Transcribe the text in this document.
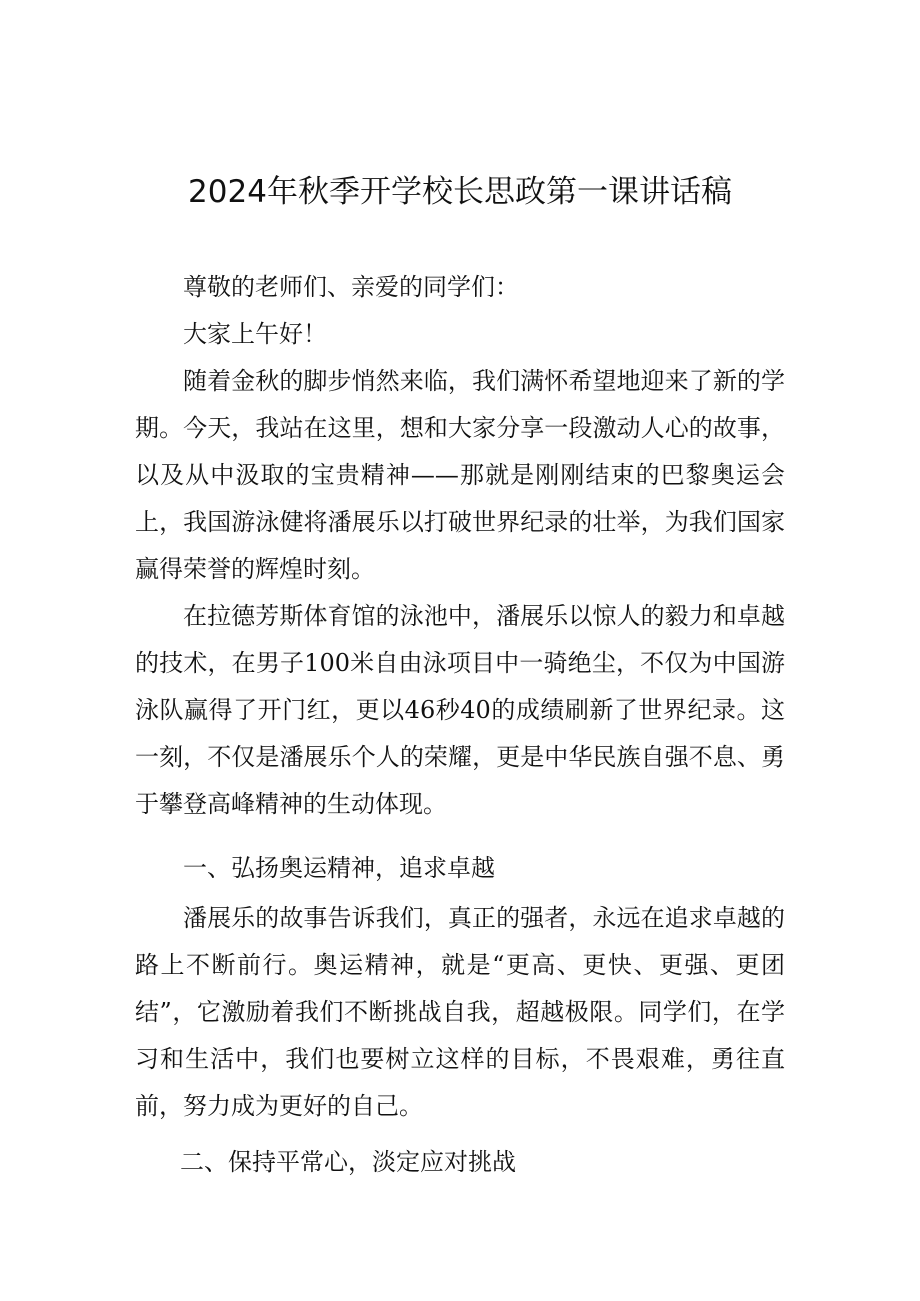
2024年秋季开学校长思政第一课讲话稿

尊敬的老师们、亲爱的同学们：

大家上午好！

随着金秋的脚步悄然来临，我们满怀希望地迎来了新的学期。今天，我站在这里，想和大家分享一段激动人心的故事，以及从中汲取的宝贵精神——那就是刚刚结束的巴黎奥运会上，我国游泳健将潘展乐以打破世界纪录的壮举，为我们国家赢得荣誉的辉煌时刻。

在拉德芳斯体育馆的泳池中，潘展乐以惊人的毅力和卓越的技术，在男子100米自由泳项目中一骑绝尘，不仅为中国游泳队赢得了开门红，更以46秒40的成绩刷新了世界纪录。这一刻，不仅是潘展乐个人的荣耀，更是中华民族自强不息、勇于攀登高峰精神的生动体现。

一、弘扬奥运精神，追求卓越

潘展乐的故事告诉我们，真正的强者，永远在追求卓越的路上不断前行。奥运精神，就是“更高、更快、更强、更团结”，它激励着我们不断挑战自我，超越极限。同学们，在学习和生活中，我们也要树立这样的目标，不畏艰难，勇往直前，努力成为更好的自己。

二、保持平常心，淡定应对挑战
